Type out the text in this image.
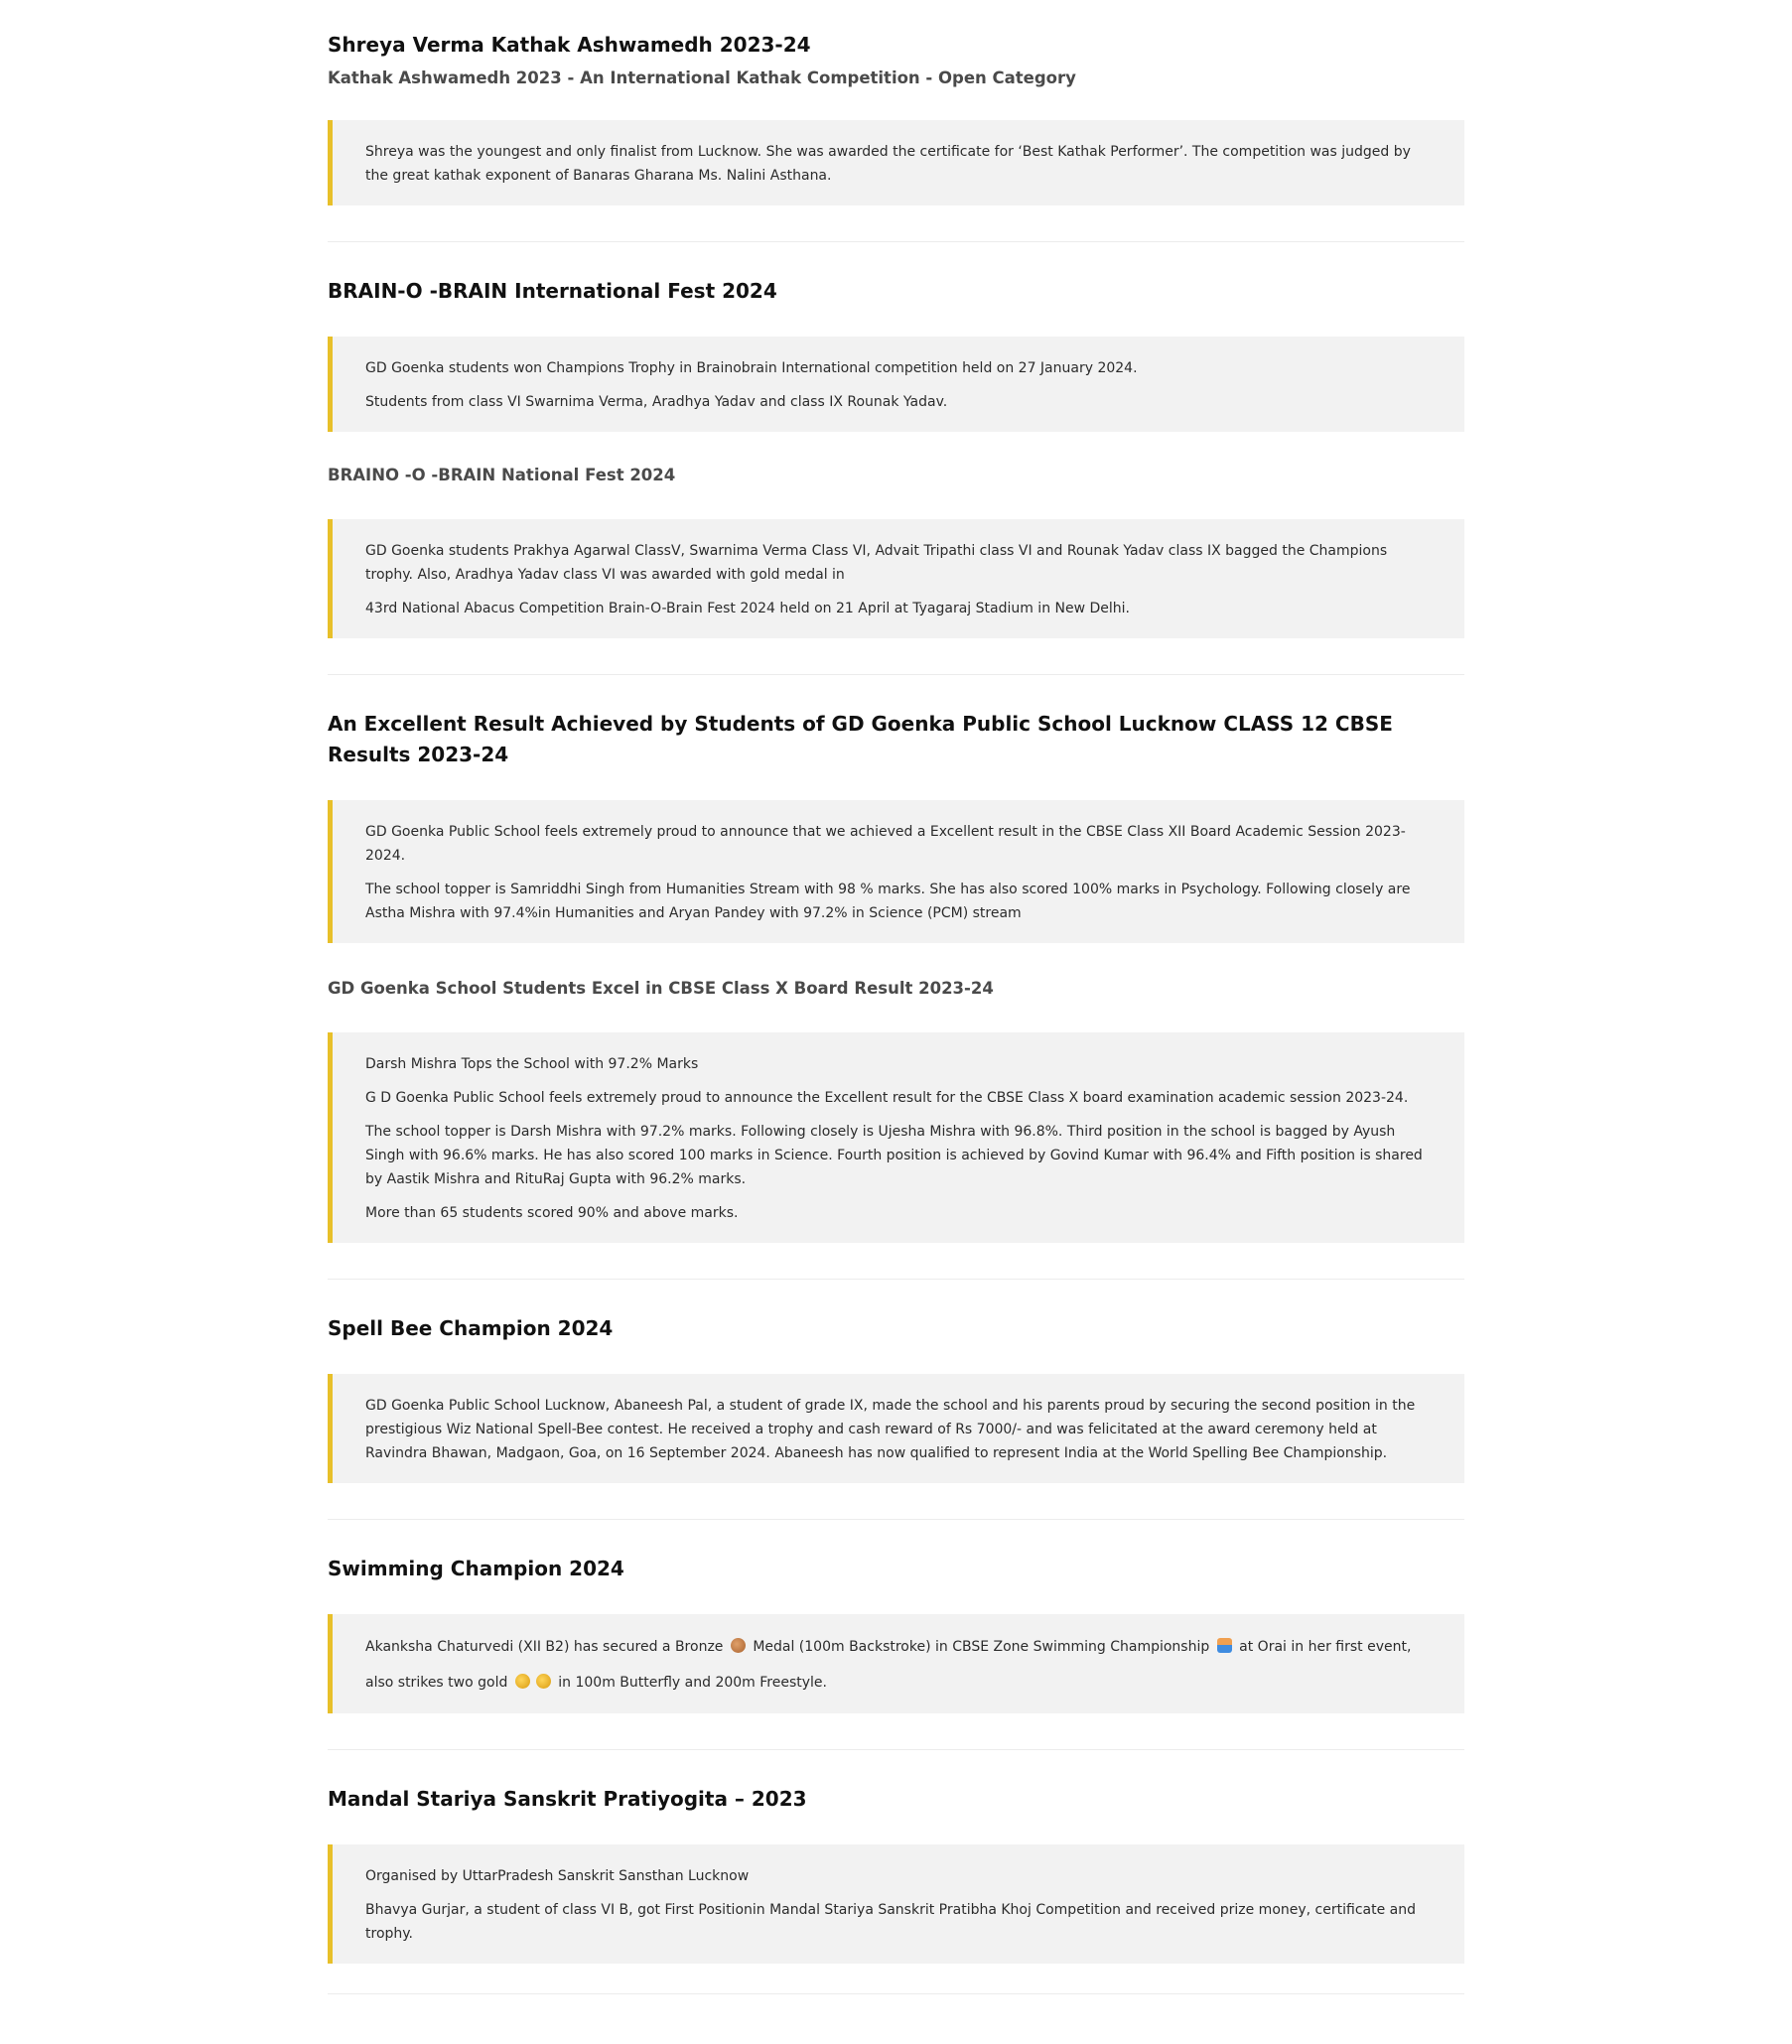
Shreya Verma Kathak Ashwamedh 2023-24
Kathak Ashwamedh 2023 - An International Kathak Competition - Open Category

Shreya was the youngest and only finalist from Lucknow. She was awarded the certificate for ‘Best Kathak Performer’. The competition was judged by the great kathak exponent of Banaras Gharana Ms. Nalini Asthana.

BRAIN-O -BRAIN International Fest 2024

GD Goenka students won Champions Trophy in Brainobrain International competition held on 27 January 2024.

Students from class VI Swarnima Verma, Aradhya Yadav and class IX Rounak Yadav.

BRAINO -O -BRAIN National Fest 2024

GD Goenka students Prakhya Agarwal ClassV, Swarnima Verma Class VI, Advait Tripathi class VI and Rounak Yadav class IX bagged the Champions trophy. Also, Aradhya Yadav class VI was awarded with gold medal in

43rd National Abacus Competition Brain-O-Brain Fest 2024 held on 21 April at Tyagaraj Stadium in New Delhi.

An Excellent Result Achieved by Students of GD Goenka Public School Lucknow CLASS 12 CBSE Results 2023-24

GD Goenka Public School feels extremely proud to announce that we achieved a Excellent result in the CBSE Class XII Board Academic Session 2023-2024.

The school topper is Samriddhi Singh from Humanities Stream with 98 % marks. She has also scored 100% marks in Psychology. Following closely are Astha Mishra with 97.4%in Humanities and Aryan Pandey with 97.2% in Science (PCM) stream

GD Goenka School Students Excel in CBSE Class X Board Result 2023-24

Darsh Mishra Tops the School with 97.2% Marks

G D Goenka Public School feels extremely proud to announce the Excellent result for the CBSE Class X board examination academic session 2023-24.

The school topper is Darsh Mishra with 97.2% marks. Following closely is Ujesha Mishra with 96.8%. Third position in the school is bagged by Ayush Singh with 96.6% marks. He has also scored 100 marks in Science. Fourth position is achieved by Govind Kumar with 96.4% and Fifth position is shared by Aastik Mishra and RituRaj Gupta with 96.2% marks.

More than 65 students scored 90% and above marks.

Spell Bee Champion 2024

GD Goenka Public School Lucknow, Abaneesh Pal, a student of grade IX, made the school and his parents proud by securing the second position in the prestigious Wiz National Spell-Bee contest. He received a trophy and cash reward of Rs 7000/- and was felicitated at the award ceremony held at Ravindra Bhawan, Madgaon, Goa, on 16 September 2024. Abaneesh has now qualified to represent India at the World Spelling Bee Championship.

Swimming Champion 2024

Akanksha Chaturvedi (XII B2) has secured a Bronze Medal (100m Backstroke) in CBSE Zone Swimming Championship at Orai in her first event,

also strikes two gold	in 100m Butterfly and 200m Freestyle.

Mandal Stariya Sanskrit Pratiyogita – 2023

Organised by UttarPradesh Sanskrit Sansthan Lucknow

Bhavya Gurjar, a student of class VI B, got First Positionin Mandal Stariya Sanskrit Pratibha Khoj Competition and received prize money, certificate and trophy.
